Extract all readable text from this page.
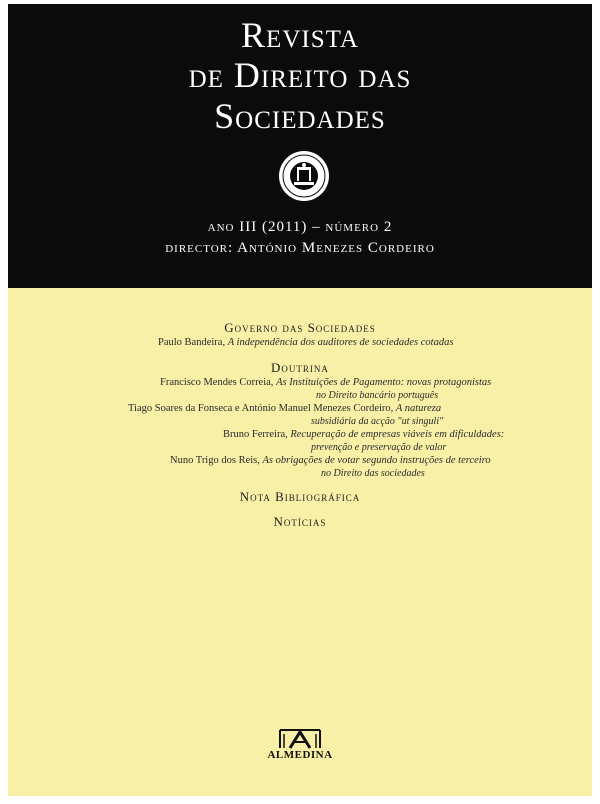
Revista
de Direito das
Sociedades
ano III (2011) – número 2
director: António Menezes Cordeiro
Governo das Sociedades
Paulo Bandeira, A independência dos auditores de sociedades cotadas
Doutrina
Francisco Mendes Correia, As Instituições de Pagamento: novas protagonistas
no Direito bancário português
Tiago Soares da Fonseca e António Manuel Menezes Cordeiro, A natureza
subsidiária da acção "ut singuli"
Bruno Ferreira, Recuperação de empresas viáveis em dificuldades:
prevenção e preservação de valor
Nuno Trigo dos Reis, As obrigações de votar segundo instruções de terceiro
no Direito das sociedades
Nota Bibliográfica
Notícias
ALMEDINA
